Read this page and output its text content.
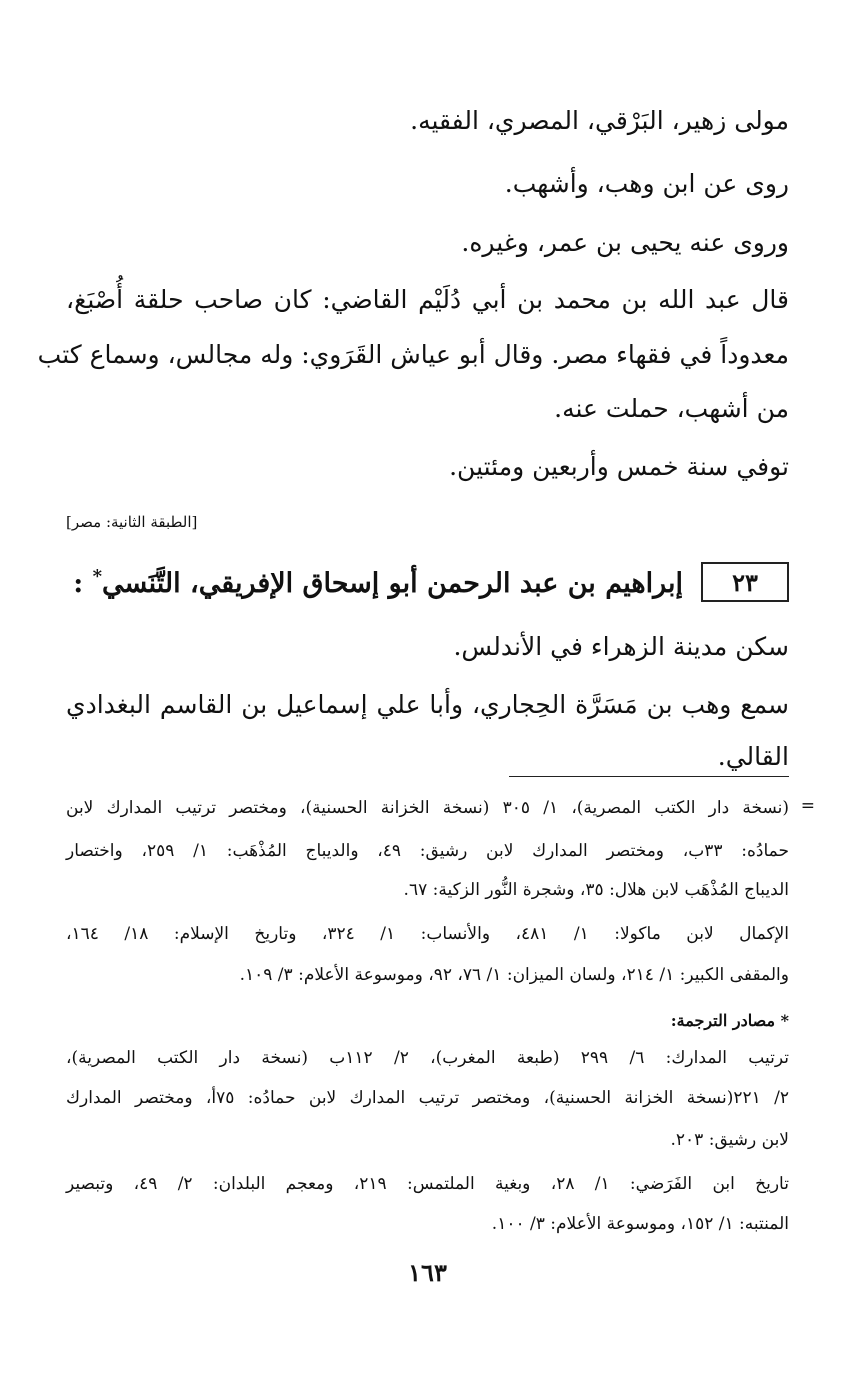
مولى زهير، البَرْقي، المصري، الفقيه.
روى عن ابن وهب، وأشهب.
وروى عنه يحيى بن عمر، وغيره.
قال عبد الله بن محمد بن أبي دُلَيْم القاضي: كان صاحب حلقة أُصْبَغ،
معدوداً في فقهاء مصر. وقال أبو عياش القَرَوي: وله مجالس، وسماع كتب
من أشهب، حملت عنه.
توفي سنة خمس وأربعين ومئتين.
[الطبقة الثانية: مصر]
٢٣
إبراهيم بن عبد الرحمن أبو إسحاق الإفريقي، التَّنَسي* :
سكن مدينة الزهراء في الأندلس.
سمع وهب بن مَسَرَّة الحِجاري، وأبا علي إسماعيل بن القاسم البغدادي
القالي.
=
(نسخة دار الكتب المصرية)، ١/ ٣٠٥ (نسخة الخزانة الحسنية)، ومختصر ترتيب المدارك لابن
حمادُه: ٣٣ب، ومختصر المدارك لابن رشيق: ٤٩، والديباج المُذْهَب: ١/ ٢٥٩، واختصار
الديباج المُذْهَب لابن هلال: ٣٥، وشجرة النُّور الزكية: ٦٧.
الإكمال لابن ماكولا: ١/ ٤٨١، والأنساب: ١/ ٣٢٤، وتاريخ الإسلام: ١٨/ ١٦٤،
والمقفى الكبير: ١/ ٢١٤، ولسان الميزان: ١/ ٧٦، ٩٢، وموسوعة الأعلام: ٣/ ١٠٩.
* مصادر الترجمة:
ترتيب المدارك: ٦/ ٢٩٩ (طبعة المغرب)، ٢/ ١١٢ب (نسخة دار الكتب المصرية)،
٢/ ٢٢١(نسخة الخزانة الحسنية)، ومختصر ترتيب المدارك لابن حمادُه: ٧٥أ، ومختصر المدارك
لابن رشيق: ٢٠٣.
تاريخ ابن الفَرَضي: ١/ ٢٨، وبغية الملتمس: ٢١٩، ومعجم البلدان: ٢/ ٤٩، وتبصير
المنتبه: ١/ ١٥٢، وموسوعة الأعلام: ٣/ ١٠٠.
١٦٣
